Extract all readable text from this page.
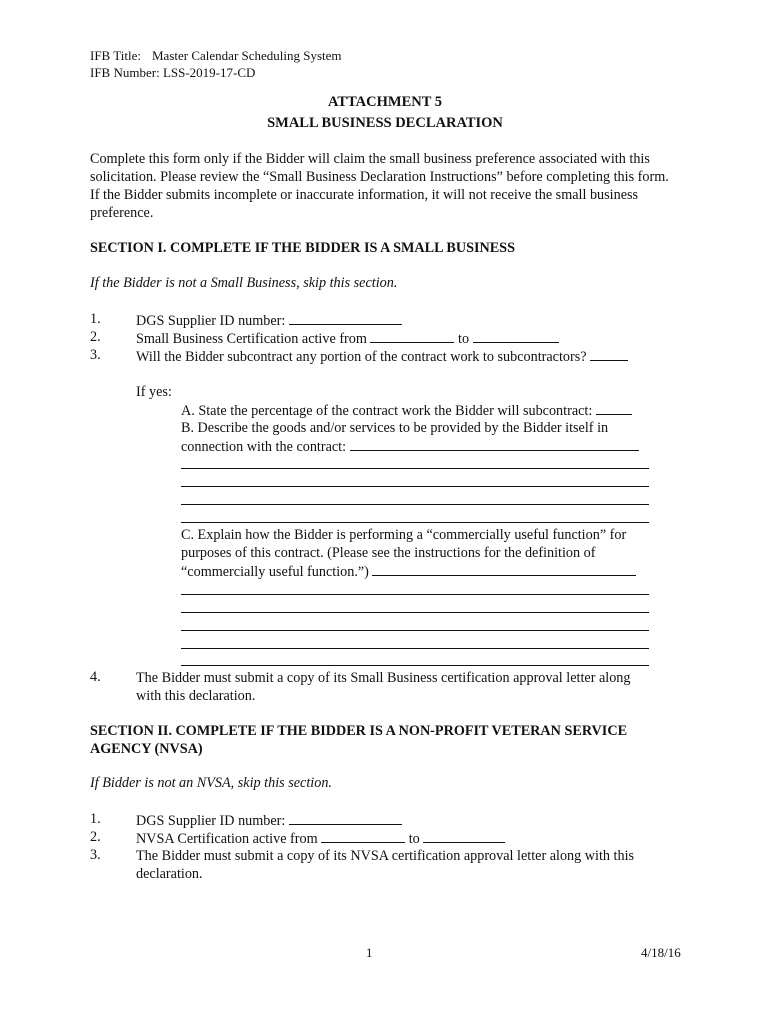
IFB Title: Master Calendar Scheduling System
IFB Number: LSS-2019-17-CD
ATTACHMENT 5
SMALL BUSINESS DECLARATION
Complete this form only if the Bidder will claim the small business preference associated with this solicitation. Please review the “Small Business Declaration Instructions” before completing this form. If the Bidder submits incomplete or inaccurate information, it will not receive the small business preference.
SECTION I. COMPLETE IF THE BIDDER IS A SMALL BUSINESS
If the Bidder is not a Small Business, skip this section.
1. DGS Supplier ID number:
2. Small Business Certification active from	to
3. Will the Bidder subcontract any portion of the contract work to subcontractors?
If yes:
A. State the percentage of the contract work the Bidder will subcontract:
B. Describe the goods and/or services to be provided by the Bidder itself in
connection with the contract:
C. Explain how the Bidder is performing a “commercially useful function” for
purposes of this contract. (Please see the instructions for the definition of
“commercially useful function.”)
4. The Bidder must submit a copy of its Small Business certification approval letter along
with this declaration.
SECTION II. COMPLETE IF THE BIDDER IS A NON-PROFIT VETERAN SERVICE
AGENCY (NVSA)
If Bidder is not an NVSA, skip this section.
1. DGS Supplier ID number:
2. NVSA Certification active from	to
3. The Bidder must submit a copy of its NVSA certification approval letter along with this
declaration.
1	4/18/16
